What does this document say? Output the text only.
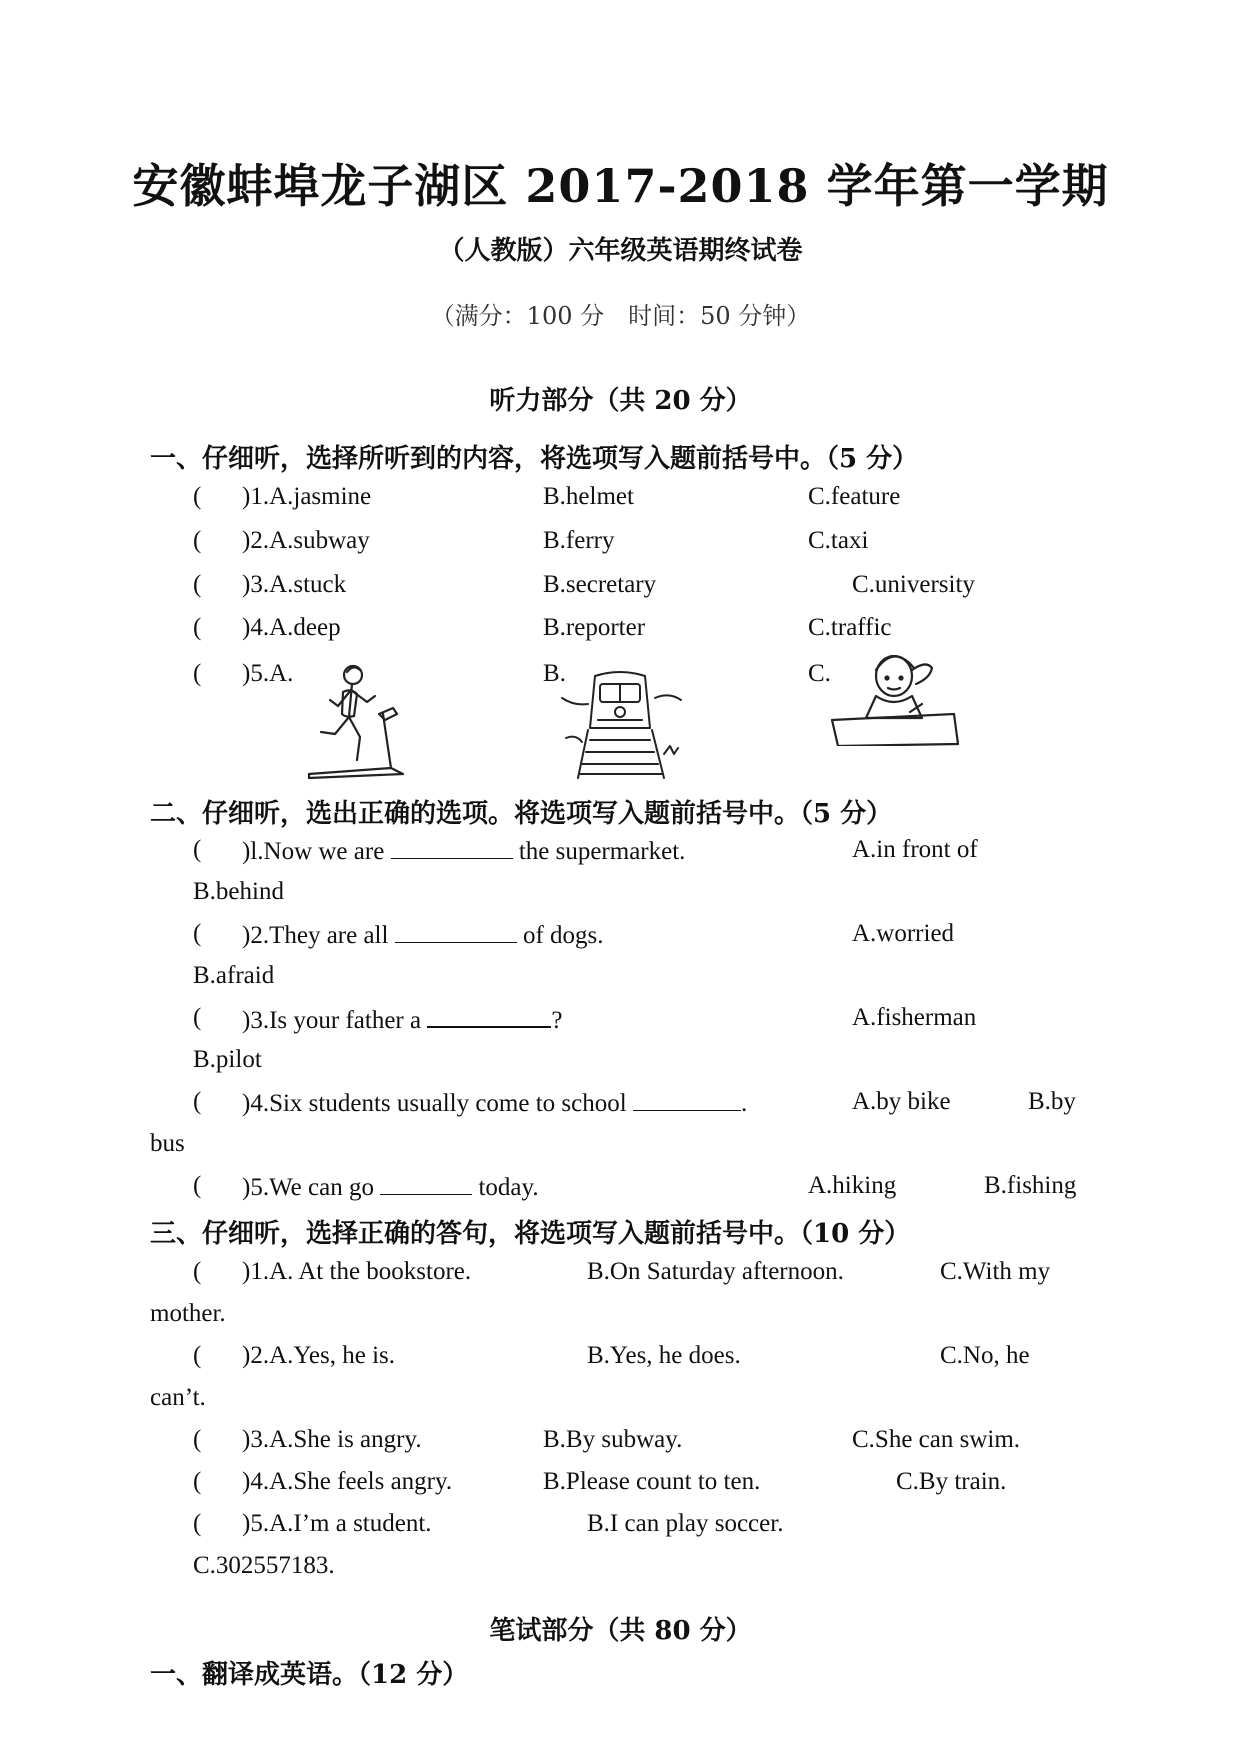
安徽蚌埠龙子湖区 2017-2018 学年第一学期
（人教版）六年级英语期终试卷
（满分：100 分　时间：50 分钟）
听力部分（共 20 分）
一、仔细听，选择所听到的内容，将选项写入题前括号中。（5 分）
( )1.A.jasmine	B.helmet	C.feature
( )2.A.subway	B.ferry	C.taxi
( )3.A.stuck	B.secretary	C.university
( )4.A.deep	B.reporter	C.traffic
( )5.A.	B.	C.
二、仔细听，选出正确的选项。将选项写入题前括号中。（5 分）
( )l.Now we are	the supermarket.	A.in front of
B.behind
( )2.They are all	of dogs.	A.worried
B.afraid
( )3.Is your father a	?	A.fisherman
B.pilot
( )4.Six students usually come to school	.	A.by bike	B.by
bus
( )5.We can go	today.	A.hiking	B.fishing
三、仔细听，选择正确的答句，将选项写入题前括号中。（10 分）
( )1.A. At the bookstore.	B.On Saturday afternoon.	C.With my
mother.
( )2.A.Yes, he is.	B.Yes, he does.	C.No, he
can’t.
( )3.A.She is angry.	B.By subway.	C.She can swim.
( )4.A.She feels angry.	B.Please count to ten.	C.By train.
( )5.A.I’m a student.	B.I can play soccer.
C.302557183.
笔试部分（共 80 分）
一、翻译成英语。（12 分）
